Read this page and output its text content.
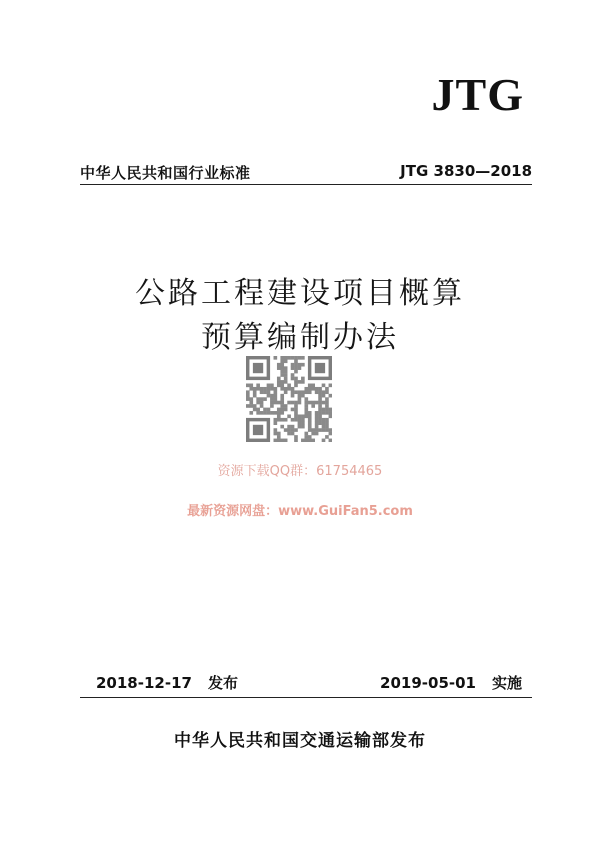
JTG
中华人民共和国行业标准	JTG 3830—2018
公路工程建设项目概算
预算编制办法
资源下载QQ群：61754465
最新资源网盘：www.GuiFan5.com
2018-12-17 发布	2019-05-01 实施
中华人民共和国交通运输部发布
